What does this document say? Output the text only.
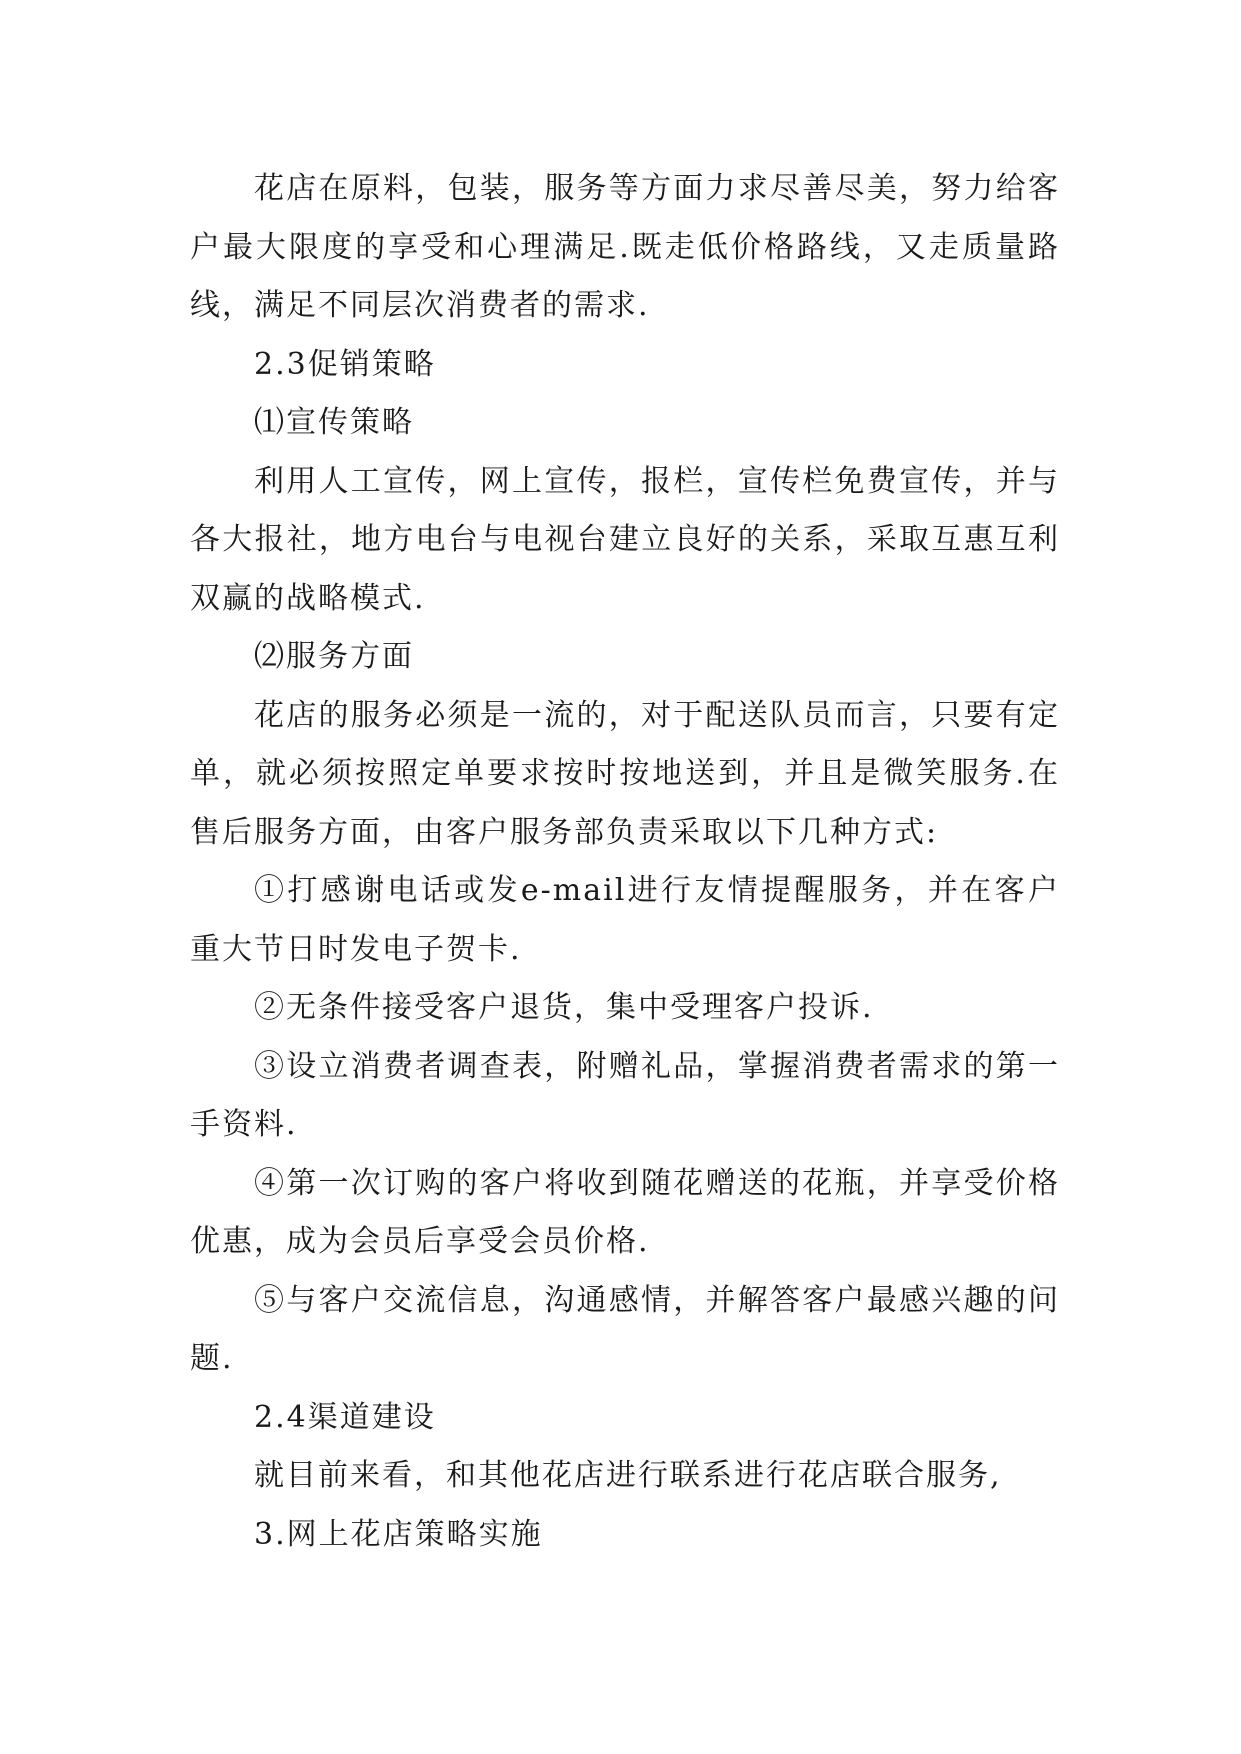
花店在原料，包装，服务等方面力求尽善尽美，努力给客户最大限度的享受和心理满足.既走低价格路线，又走质量路线，满足不同层次消费者的需求.

2.3促销策略

⑴宣传策略

利用人工宣传，网上宣传，报栏，宣传栏免费宣传，并与各大报社，地方电台与电视台建立良好的关系，采取互惠互利双赢的战略模式.

⑵服务方面

花店的服务必须是一流的，对于配送队员而言，只要有定单，就必须按照定单要求按时按地送到，并且是微笑服务.在售后服务方面，由客户服务部负责采取以下几种方式:

①打感谢电话或发e-mail进行友情提醒服务，并在客户重大节日时发电子贺卡.

②无条件接受客户退货，集中受理客户投诉.

③设立消费者调查表，附赠礼品，掌握消费者需求的第一手资料.

④第一次订购的客户将收到随花赠送的花瓶，并享受价格优惠，成为会员后享受会员价格.

⑤与客户交流信息，沟通感情，并解答客户最感兴趣的问题.

2.4渠道建设

就目前来看，和其他花店进行联系进行花店联合服务,

3.网上花店策略实施
